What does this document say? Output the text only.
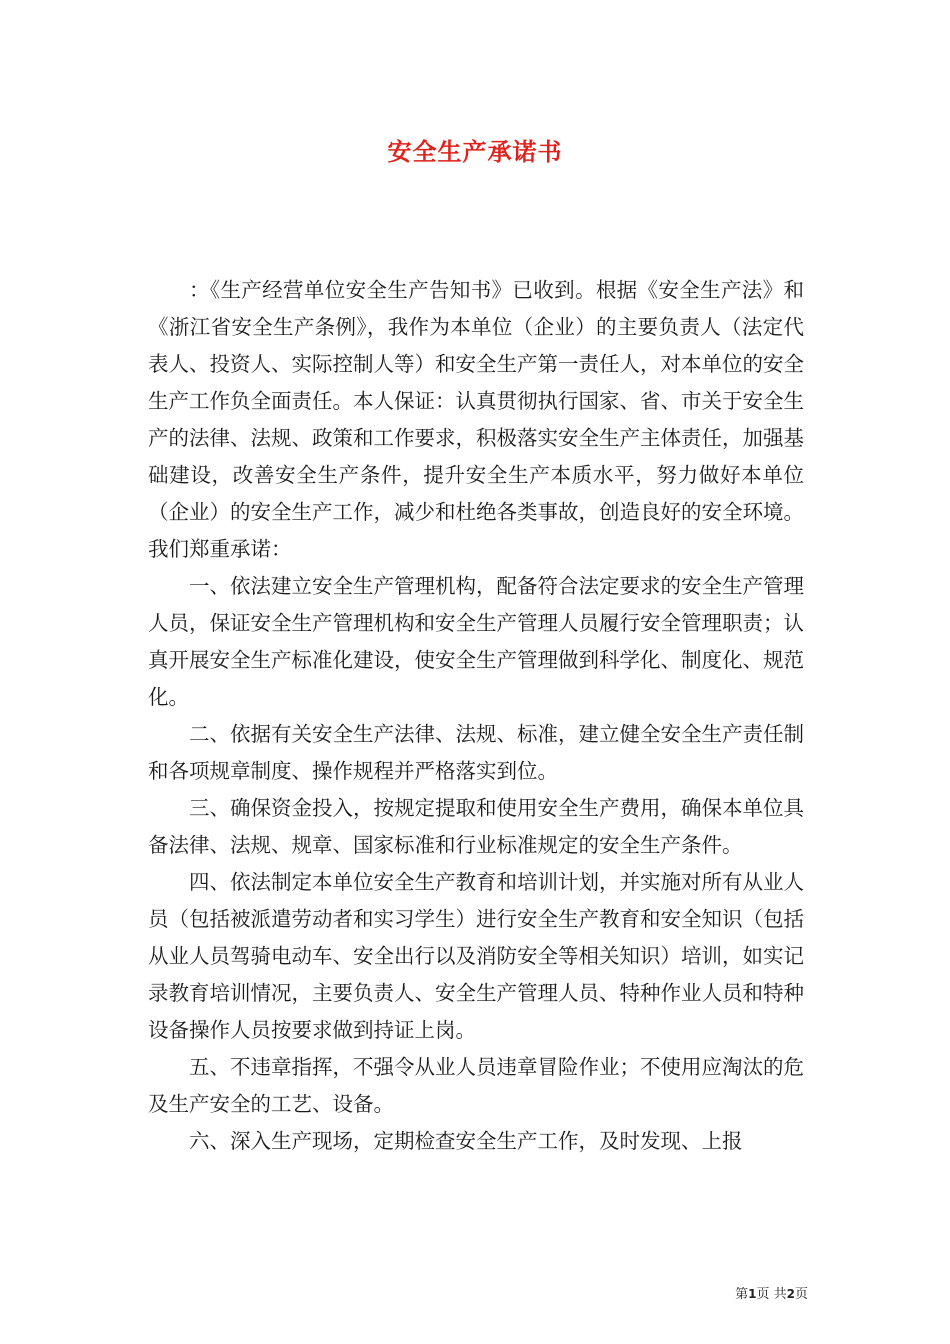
安全生产承诺书

：《生产经营单位安全生产告知书》已收到。根据《安全生产法》和《浙江省安全生产条例》，我作为本单位（企业）的主要负责人（法定代表人、投资人、实际控制人等）和安全生产第一责任人，对本单位的安全生产工作负全面责任。本人保证：认真贯彻执行国家、省、市关于安全生产的法律、法规、政策和工作要求，积极落实安全生产主体责任，加强基础建设，改善安全生产条件，提升安全生产本质水平，努力做好本单位（企业）的安全生产工作，减少和杜绝各类事故，创造良好的安全环境。我们郑重承诺：

一、依法建立安全生产管理机构，配备符合法定要求的安全生产管理人员，保证安全生产管理机构和安全生产管理人员履行安全管理职责；认真开展安全生产标准化建设，使安全生产管理做到科学化、制度化、规范化。

二、依据有关安全生产法律、法规、标准，建立健全安全生产责任制和各项规章制度、操作规程并严格落实到位。

三、确保资金投入，按规定提取和使用安全生产费用，确保本单位具备法律、法规、规章、国家标准和行业标准规定的安全生产条件。

四、依法制定本单位安全生产教育和培训计划，并实施对所有从业人员（包括被派遣劳动者和实习学生）进行安全生产教育和安全知识（包括从业人员驾骑电动车、安全出行以及消防安全等相关知识）培训，如实记录教育培训情况，主要负责人、安全生产管理人员、特种作业人员和特种设备操作人员按要求做到持证上岗。

五、不违章指挥，不强令从业人员违章冒险作业；不使用应淘汰的危及生产安全的工艺、设备。

六、深入生产现场，定期检查安全生产工作，及时发现、上报

第1页 共2页
